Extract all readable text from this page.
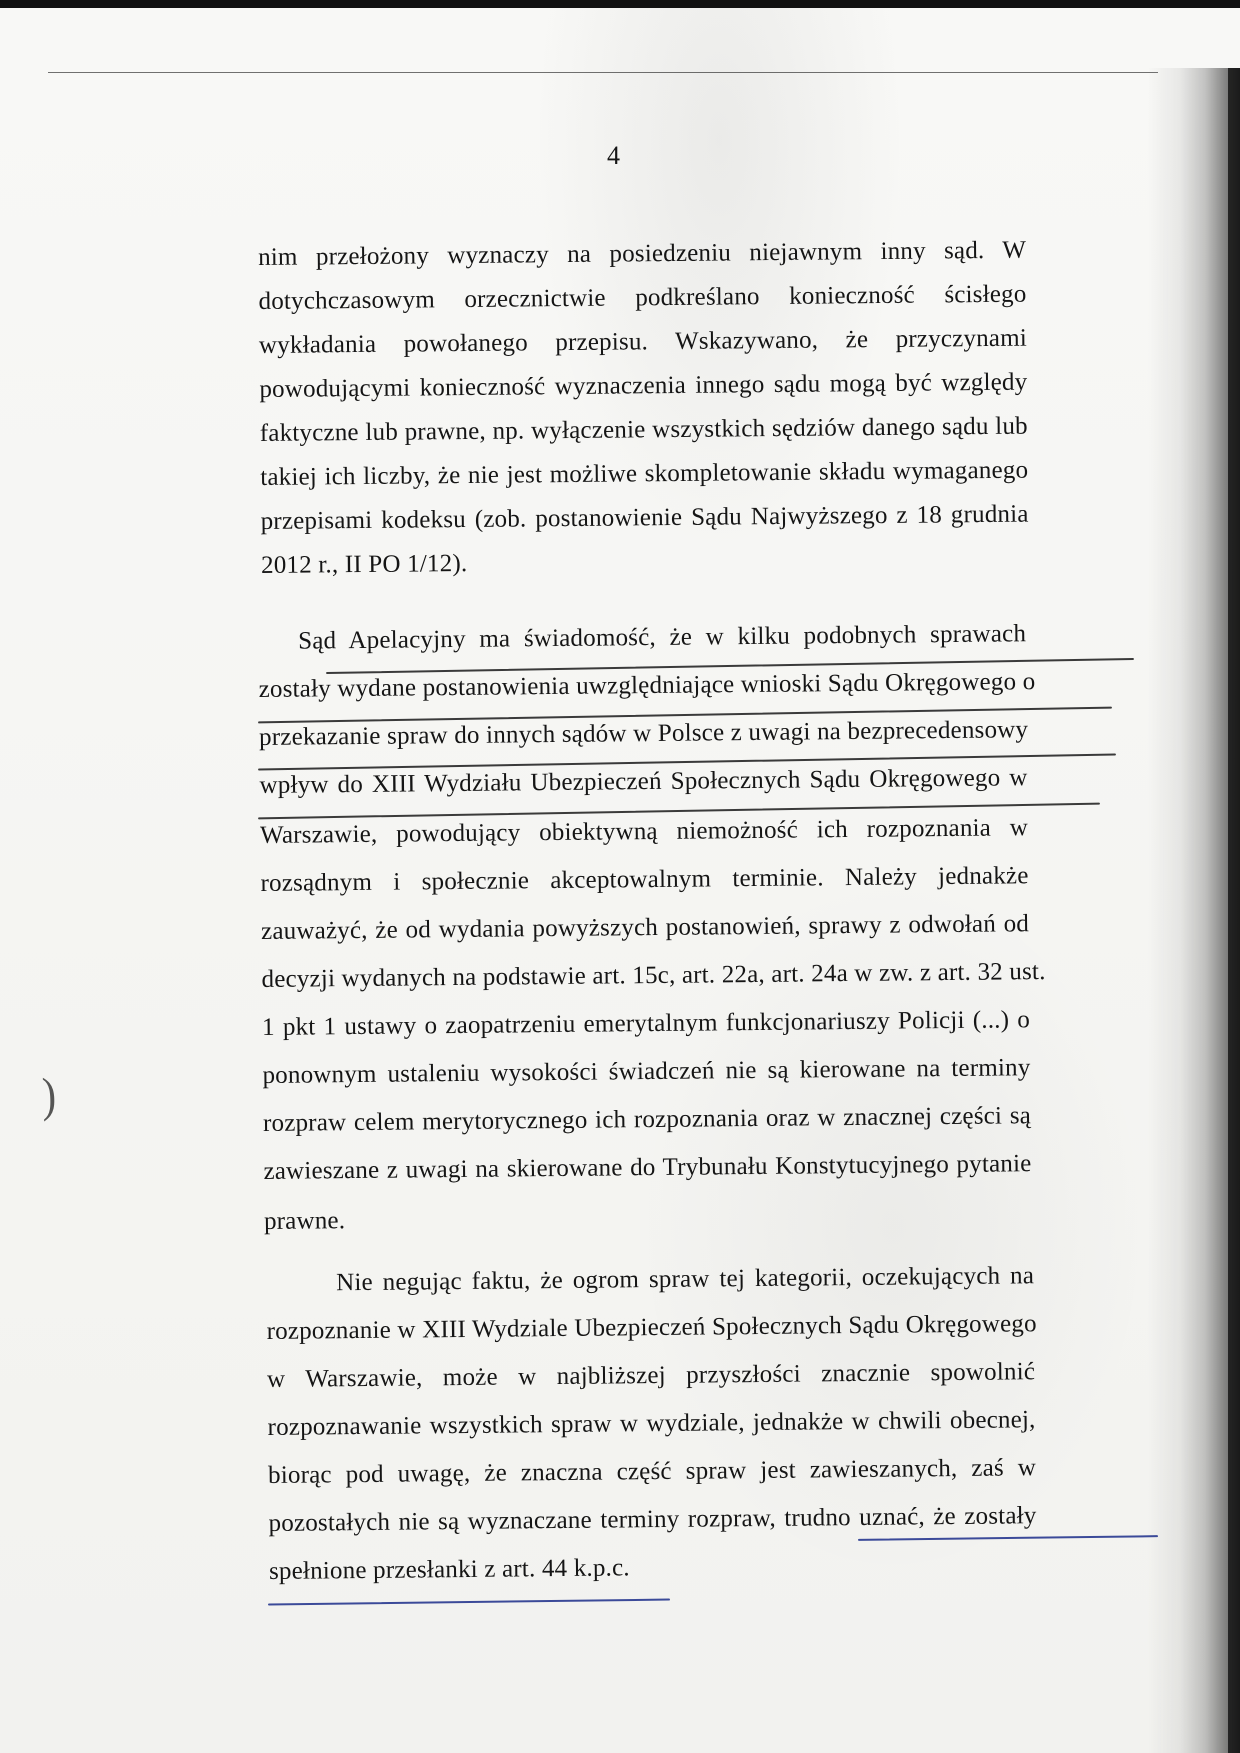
)
4
nim przełożony wyznaczy na posiedzeniu niejawnym inny sąd. W
dotychczasowym orzecznictwie podkreślano konieczność ścisłego
wykładania powołanego przepisu. Wskazywano, że przyczynami
powodującymi konieczność wyznaczenia innego sądu mogą być względy
faktyczne lub prawne, np. wyłączenie wszystkich sędziów danego sądu lub
takiej ich liczby, że nie jest możliwe skompletowanie składu wymaganego
przepisami kodeksu (zob. postanowienie Sądu Najwyższego z 18 grudnia
2012 r., II PO 1/12).
Sąd Apelacyjny ma świadomość, że w kilku podobnych sprawach
zostały wydane postanowienia uwzględniające wnioski Sądu Okręgowego o
przekazanie spraw do innych sądów w Polsce z uwagi na bezprecedensowy
wpływ do XIII Wydziału Ubezpieczeń Społecznych Sądu Okręgowego w
Warszawie, powodujący obiektywną niemożność ich rozpoznania w
rozsądnym i społecznie akceptowalnym terminie. Należy jednakże
zauważyć, że od wydania powyższych postanowień, sprawy z odwołań od
decyzji wydanych na podstawie art. 15c, art. 22a, art. 24a w zw. z art. 32 ust.
1 pkt 1 ustawy o zaopatrzeniu emerytalnym funkcjonariuszy Policji (...) o
ponownym ustaleniu wysokości świadczeń nie są kierowane na terminy
rozpraw celem merytorycznego ich rozpoznania oraz w znacznej części są
zawieszane z uwagi na skierowane do Trybunału Konstytucyjnego pytanie
prawne.
Nie negując faktu, że ogrom spraw tej kategorii, oczekujących na
rozpoznanie w XIII Wydziale Ubezpieczeń Społecznych Sądu Okręgowego
w Warszawie, może w najbliższej przyszłości znacznie spowolnić
rozpoznawanie wszystkich spraw w wydziale, jednakże w chwili obecnej,
biorąc pod uwagę, że znaczna część spraw jest zawieszanych, zaś w
pozostałych nie są wyznaczane terminy rozpraw, trudno uznać, że zostały
spełnione przesłanki z art. 44 k.p.c.
